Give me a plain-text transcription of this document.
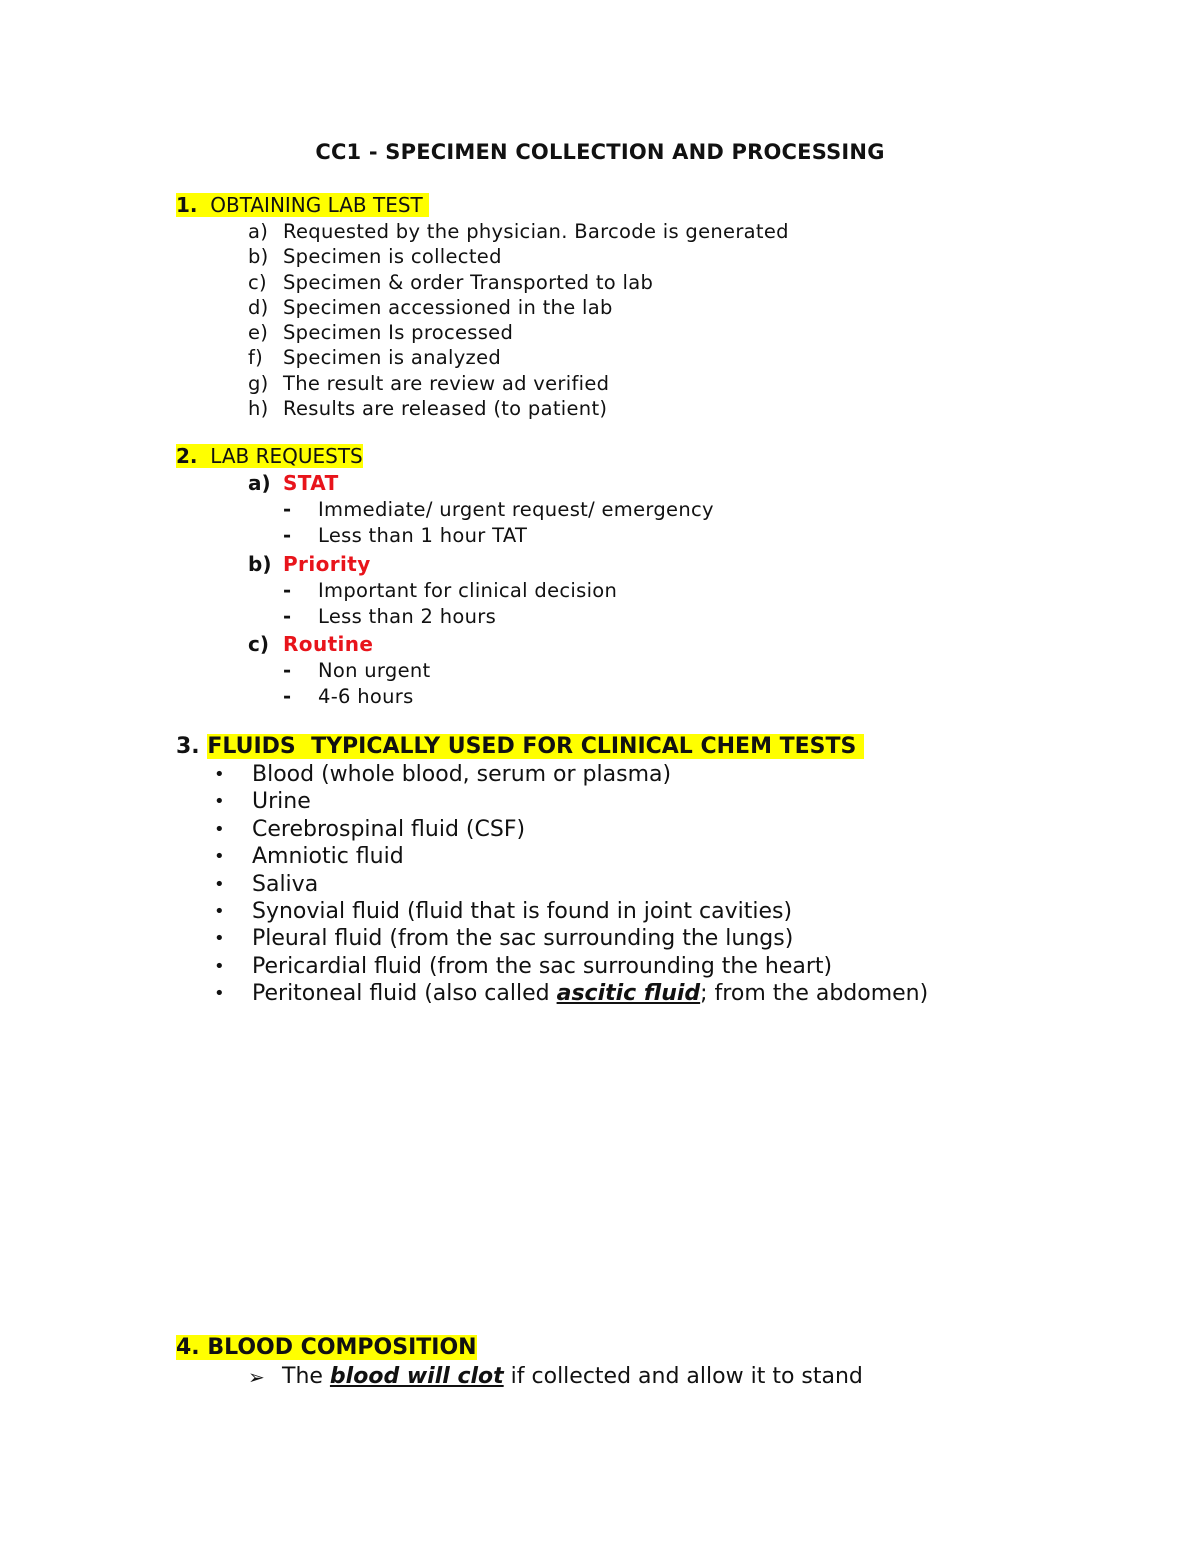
CC1 - SPECIMEN COLLECTION AND PROCESSING
1. OBTAINING LAB TEST
a) Requested by the physician. Barcode is generated
b) Specimen is collected
c) Specimen & order Transported to lab
d) Specimen accessioned in the lab
e) Specimen Is processed
f)	Specimen is analyzed
g) The result are review ad verified
h) Results are released (to patient)
2. LAB REQUESTS
a) STAT
- Immediate/ urgent request/ emergency
- Less than 1 hour TAT
b) Priority
- Important for clinical decision
- Less than 2 hours
c) Routine
- Non urgent
- 4-6 hours
3. FLUIDS  TYPICALLY USED FOR CLINICAL CHEM TESTS
• Blood (whole blood, serum or plasma)
• Urine
• Cerebrospinal fluid (CSF)
• Amniotic fluid
• Saliva
• Synovial fluid (fluid that is found in joint cavities)
• Pleural fluid (from the sac surrounding the lungs)
• Pericardial fluid (from the sac surrounding the heart)
• Peritoneal fluid (also called ascitic fluid; from the abdomen)
4. BLOOD COMPOSITION
➢ The blood will clot if collected and allow it to stand
